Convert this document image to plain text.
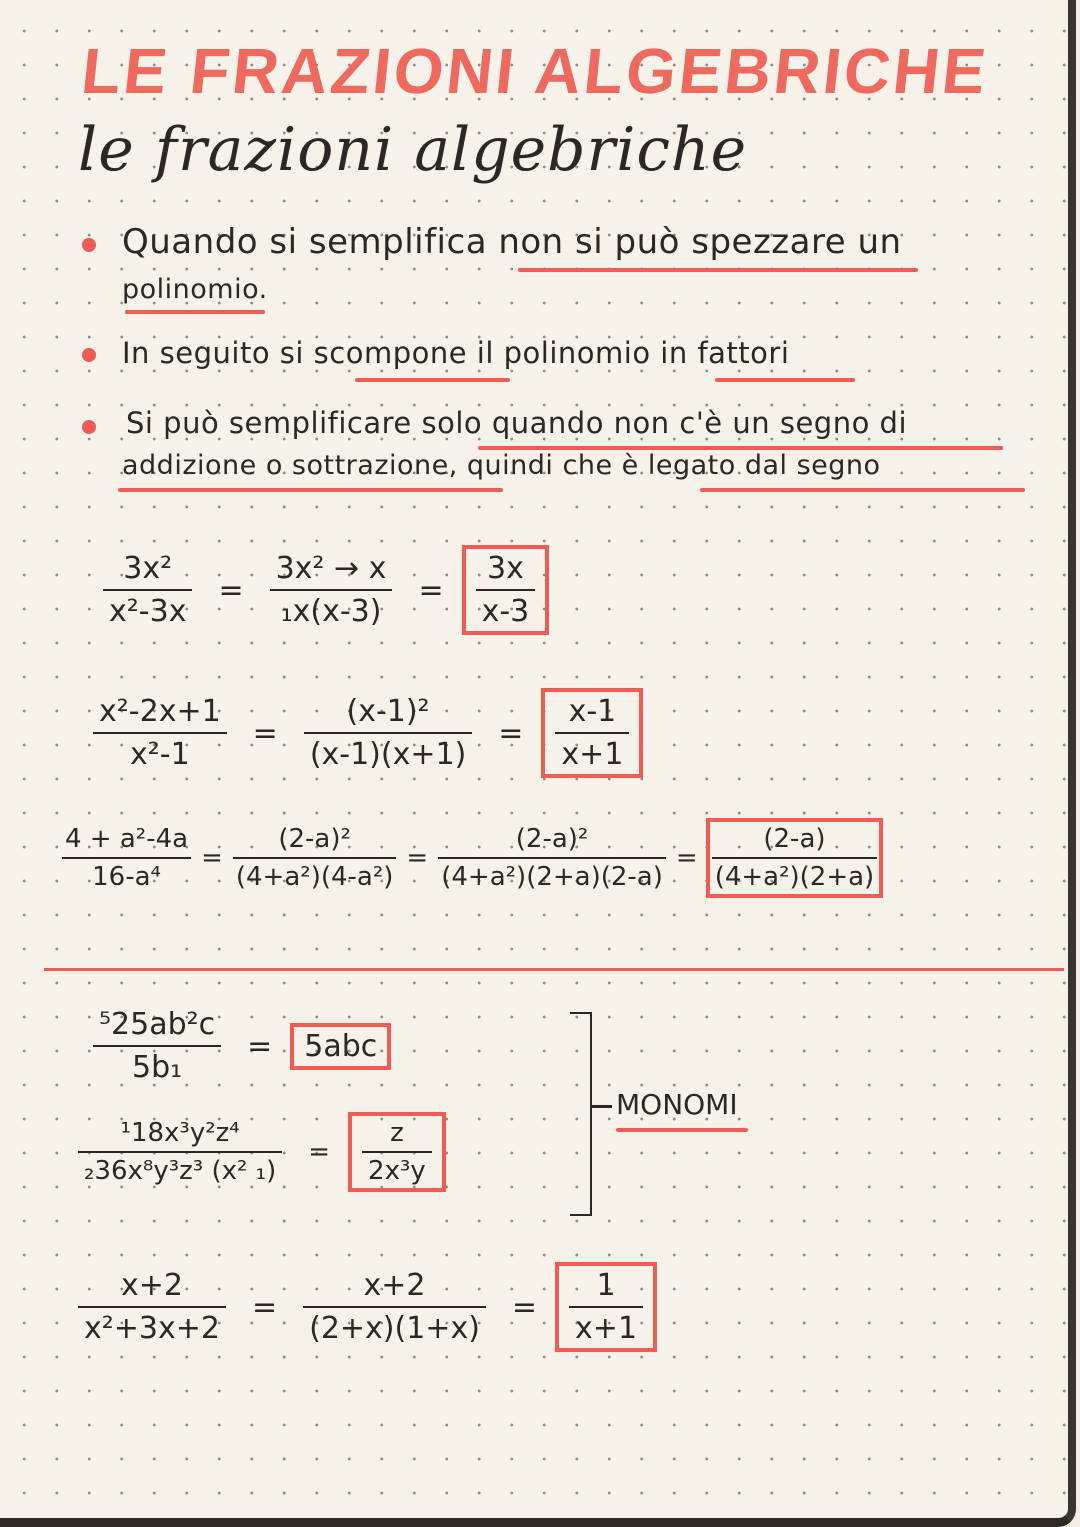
LE FRAZIONI ALGEBRICHE
le frazioni algebriche
Quando si semplifica non si può spezzare un
polinomio.
In seguito si scompone il polinomio in fattori
Si può semplificare solo quando non c'è un segno di
addizione o sottrazione, quindi che è legato dal segno
$\frac{\text{3x²}}{\text{x²-3x}} = \frac{\text{3x² → x}}{\text{₁x(x-3)}} = \frac{3x}{x-3}$
$\frac{\text{x²-2x+1}}{\text{x²-1}} = \frac{\text{(x-1)²}}{(x-1)(x+1)} = \frac{x-1}{x+1}$
$\frac{\text{4 + a²-4a}}{\text{16-a⁴}} = \frac{\text{(2-a)²}}{\text{(4+a²)(4-a²)}} = \frac{\text{(2-a)²}}{\text{(4+a²)(2+a)(2-a)}} = \frac{(2-a)}{\text{(4+a²)(2+a)}}$
$\frac{\text{⁵25ab²c}}{\text{5b₁}}$ =	5abc
$\frac{\text{¹18x³y²z⁴}}{\text{₂36x⁸y³z³ (x² ₁)}} = \frac{z}{\text{2x³y}}$
MONOMI
$\frac{x+2}{\text{x²+3x+2}} = \frac{x+2}{(2+x)(1+x)} = \frac{1}{x+1}$
